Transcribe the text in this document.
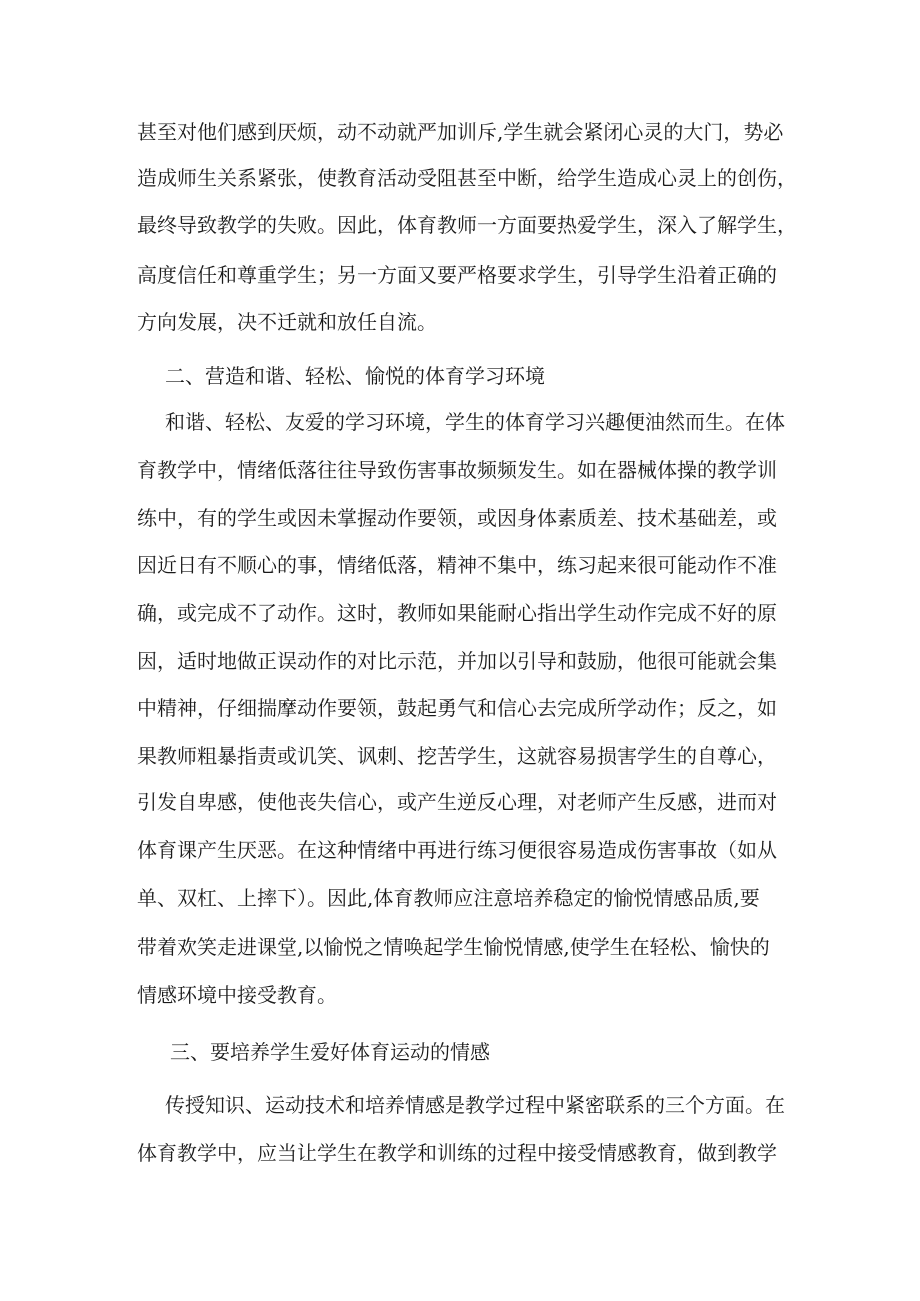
甚至对他们感到厌烦，动不动就严加训斥,学生就会紧闭心灵的大门，势必

造成师生关系紧张，使教育活动受阻甚至中断，给学生造成心灵上的创伤，

最终导致教学的失败。因此，体育教师一方面要热爱学生，深入了解学生，

高度信任和尊重学生；另一方面又要严格要求学生，引导学生沿着正确的

方向发展，决不迁就和放任自流。

二、营造和谐、轻松、愉悦的体育学习环境

和谐、轻松、友爱的学习环境，学生的体育学习兴趣便油然而生。在体

育教学中，情绪低落往往导致伤害事故频频发生。如在器械体操的教学训

练中，有的学生或因未掌握动作要领，或因身体素质差、技术基础差，或

因近日有不顺心的事，情绪低落，精神不集中，练习起来很可能动作不准

确，或完成不了动作。这时，教师如果能耐心指出学生动作完成不好的原

因，适时地做正误动作的对比示范，并加以引导和鼓励，他很可能就会集

中精神，仔细揣摩动作要领，鼓起勇气和信心去完成所学动作；反之，如

果教师粗暴指责或讥笑、讽刺、挖苦学生，这就容易损害学生的自尊心，

引发自卑感，使他丧失信心，或产生逆反心理，对老师产生反感，进而对

体育课产生厌恶。在这种情绪中再进行练习便很容易造成伤害事故（如从

单、双杠、上摔下）。因此,体育教师应注意培养稳定的愉悦情感品质,要

带着欢笑走进课堂,以愉悦之情唤起学生愉悦情感,使学生在轻松、愉快的

情感环境中接受教育。

三、要培养学生爱好体育运动的情感

传授知识、运动技术和培养情感是教学过程中紧密联系的三个方面。在

体育教学中，应当让学生在教学和训练的过程中接受情感教育，做到教学
